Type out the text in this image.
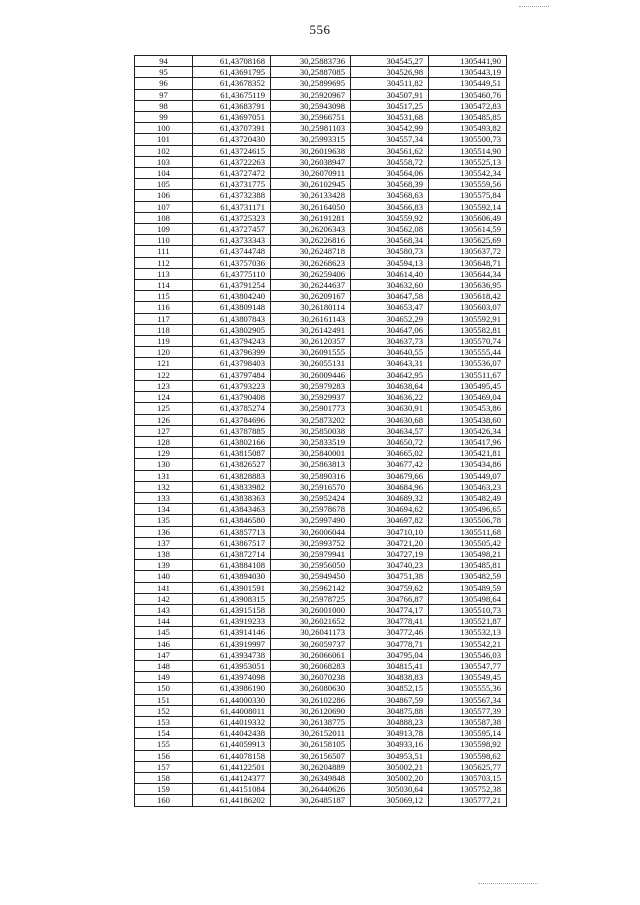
556
94	61,43708168	30,25883736	304545,27	1305441,90
95	61,43691795	30,25887085	304526,98	1305443,19
96	61,43678352	30,25899695	304511,82	1305449,51
97	61,43675119	30,25920967	304507,91	1305460,76
98	61,43683791	30,25943098	304517,25	1305472,83
99	61,43697051	30,25966751	304531,68	1305485,85
100	61,43707391	30,25981103	304542,99	1305493,82
101	61,43720430	30,25993315	304557,34	1305500,73
102	61,43724615	30,26019638	304561,62	1305514,90
103	61,43722263	30,26038947	304558,72	1305525,13
104	61,43727472	30,26070911	304564,06	1305542,34
105	61,43731775	30,26102945	304568,39	1305559,56
106	61,43732388	30,26133428	304568,63	1305575,84
107	61,43731171	30,26164050	304566,83	1305592,14
108	61,43725323	30,26191281	304559,92	1305606,49
109	61,43727457	30,26206343	304562,08	1305614,59
110	61,43733343	30,26226816	304568,34	1305625,69
111	61,43744748	30,26248718	304580,73	1305637,72
112	61,43757036	30,26268623	304594,13	1305648,71
113	61,43775110	30,26259406	304614,40	1305644,34
114	61,43791254	30,26244637	304632,60	1305636,95
115	61,43804240	30,26209167	304647,58	1305618,42
116	61,43809148	30,26180114	304653,47	1305603,07
117	61,43807843	30,26161143	304652,29	1305592,91
118	61,43802905	30,26142491	304647,06	1305582,81
119	61,43794243	30,26120357	304637,73	1305570,74
120	61,43796399	30,26091555	304640,55	1305555,44
121	61,43798403	30,26055131	304643,31	1305536,07
122	61,43797484	30,26009446	304642,95	1305511,67
123	61,43793223	30,25979283	304638,64	1305495,45
124	61,43790408	30,25929937	304636,22	1305469,04
125	61,43785274	30,25901773	304630,91	1305453,86
126	61,43784696	30,25873202	304630,68	1305438,60
127	61,43787885	30,25850038	304634,57	1305426,34
128	61,43802166	30,25833519	304650,72	1305417,96
129	61,43815087	30,25840001	304665,02	1305421,81
130	61,43826527	30,25863813	304677,42	1305434,86
131	61,43828883	30,25890316	304679,66	1305449,07
132	61,43833982	30,25916570	304684,96	1305463,23
133	61,43838363	30,25952424	304689,32	1305482,49
134	61,43843463	30,25978678	304694,62	1305496,65
135	61,43846580	30,25997490	304697,82	1305506,78
136	61,43857713	30,26006044	304710,10	1305511,68
137	61,43867517	30,25993752	304721,20	1305505,42
138	61,43872714	30,25979941	304727,19	1305498,21
139	61,43884108	30,25956050	304740,23	1305485,81
140	61,43894030	30,25949450	304751,38	1305482,59
141	61,43901591	30,25962142	304759,62	1305489,59
142	61,43908315	30,25978725	304766,87	1305498,64
143	61,43915158	30,26001000	304774,17	1305510,73
144	61,43919233	30,26021652	304778,41	1305521,87
145	61,43914146	30,26041173	304772,46	1305532,13
146	61,43919997	30,26059737	304778,71	1305542,21
147	61,43934738	30,26066061	304795,04	1305546,03
148	61,43953051	30,26068283	304815,41	1305547,77
149	61,43974098	30,26070238	304838,83	1305549,45
150	61,43986190	30,26080630	304852,15	1305555,36
151	61,44000330	30,26102286	304867,59	1305567,34
152	61,44008011	30,26120690	304875,88	1305577,39
153	61,44019332	30,26138775	304888,23	1305587,38
154	61,44042438	30,26152011	304913,78	1305595,14
155	61,44059913	30,26158105	304933,16	1305598,92
156	61,44078158	30,26156507	304953,51	1305598,62
157	61,44122501	30,26204889	305002,21	1305625,77
158	61,44124377	30,26349848	305002,20	1305703,15
159	61,44151084	30,26440626	305030,64	1305752,38
160	61,44186202	30,26485187	305069,12	1305777,21
